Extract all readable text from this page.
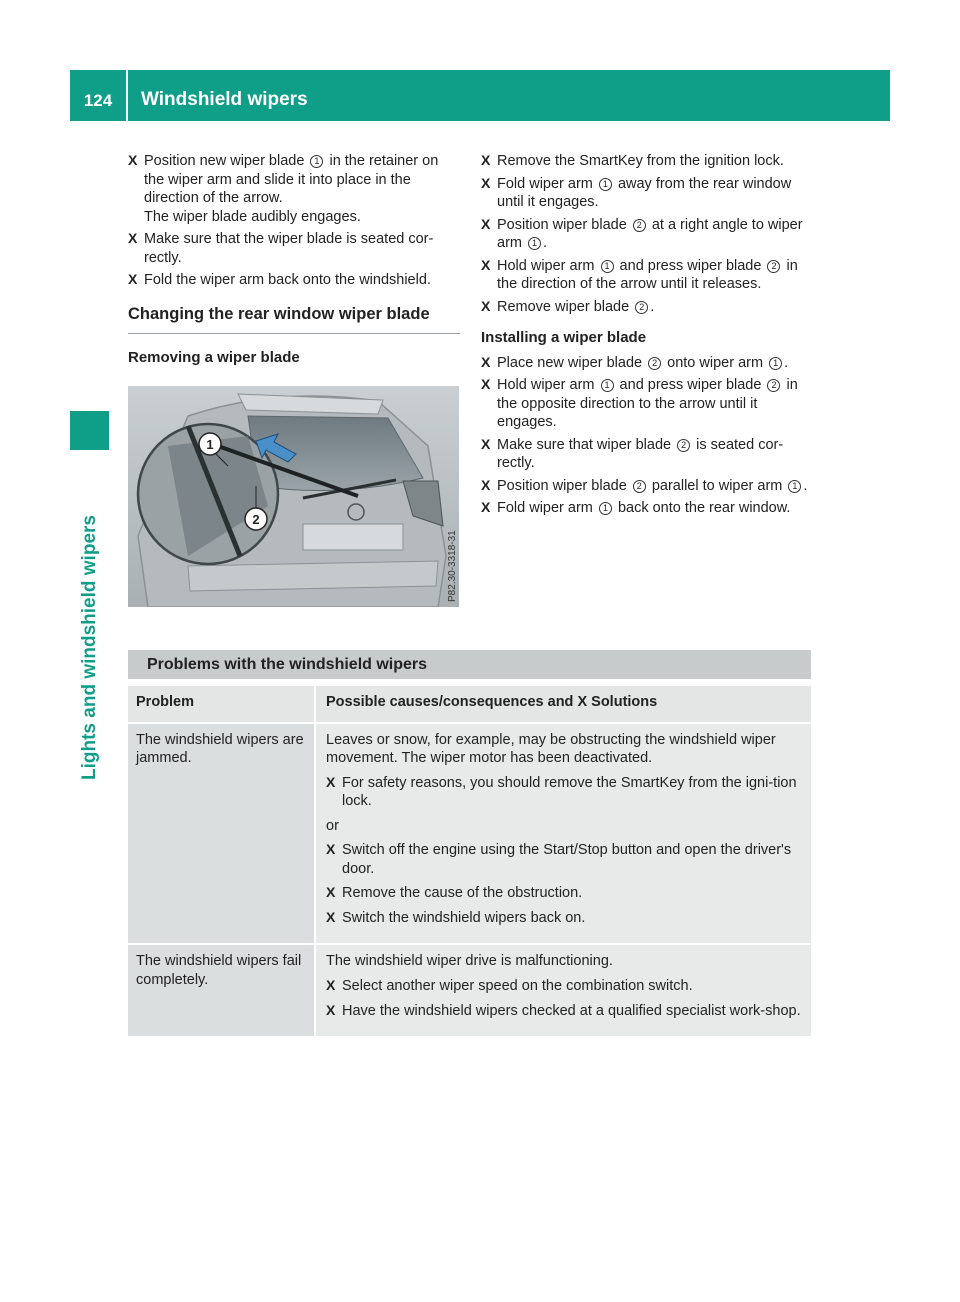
124	Windshield wipers
Lights and windshield wipers
X Position new wiper blade 1 in the retainer on the wiper arm and slide it into place in the direction of the arrow.
The wiper blade audibly engages.
X Make sure that the wiper blade is seated cor-rectly.
X Fold the wiper arm back onto the windshield.
Changing the rear window wiper blade
Removing a wiper blade
1
2
P82.30-3318-31
X Remove the SmartKey from the ignition lock.
X Fold wiper arm 1 away from the rear window until it engages.
X Position wiper blade 2 at a right angle to wiper arm 1 .
X Hold wiper arm 1 and press wiper blade 2 in the direction of the arrow until it releases.
X Remove wiper blade 2 .
Installing a wiper blade
X Place new wiper blade 2 onto wiper arm 1 .
X Hold wiper arm 1 and press wiper blade 2 in the opposite direction to the arrow until it engages.
X Make sure that wiper blade 2 is seated cor-rectly.
X Position wiper blade 2 parallel to wiper arm 1 .
X Fold wiper arm 1 back onto the rear window.
Problems with the windshield wipers
Problem	Possible causes/consequences and X Solutions
The windshield wipers are jammed.

Leaves or snow, for example, may be obstructing the windshield wiper movement. The wiper motor has been deactivated.

X For safety reasons, you should remove the SmartKey from the igni-tion lock.

or

X Switch off the engine using the Start/Stop button and open the driver's door.
X Remove the cause of the obstruction.
X Switch the windshield wipers back on.
The windshield wipers fail completely.

The windshield wiper drive is malfunctioning.

X Select another wiper speed on the combination switch.
X Have the windshield wipers checked at a qualified specialist work-shop.
